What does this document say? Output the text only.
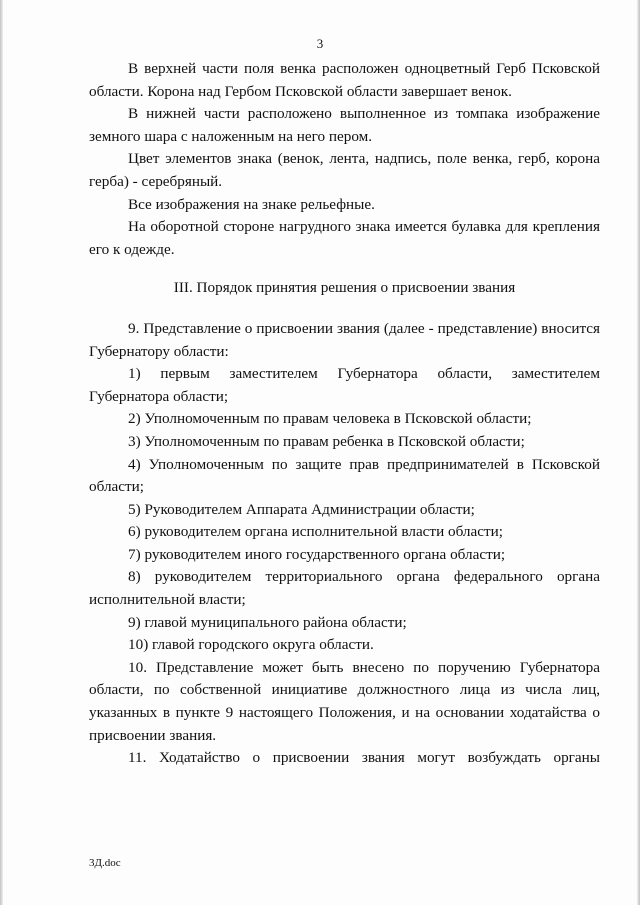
3

В верхней части поля венка расположен одноцветный Герб Псковской области. Корона над Гербом Псковской области завершает венок.

В нижней части расположено выполненное из томпака изображение земного шара с наложенным на него пером.

Цвет элементов знака (венок, лента, надпись, поле венка, герб, корона герба) - серебряный.

Все изображения на знаке рельефные.

На оборотной стороне нагрудного знака имеется булавка для крепления его к одежде.

III. Порядок принятия решения о присвоении звания

9. Представление о присвоении звания (далее - представление) вносится Губернатору области:

1) первым заместителем Губернатора области, заместителем Губернатора области;

2) Уполномоченным по правам человека в Псковской области;

3) Уполномоченным по правам ребенка в Псковской области;

4) Уполномоченным по защите прав предпринимателей в Псковской области;

5) Руководителем Аппарата Администрации области;

6) руководителем органа исполнительной власти области;

7) руководителем иного государственного органа области;

8) руководителем территориального органа федерального органа исполнительной власти;

9) главой муниципального района области;

10) главой городского округа области.

10. Представление может быть внесено по поручению Губернатора области, по собственной инициативе должностного лица из числа лиц, указанных в пункте 9 настоящего Положения, и на основании ходатайства о присвоении звания.

11. Ходатайство о присвоении звания могут возбуждать органы

3Д.doc
